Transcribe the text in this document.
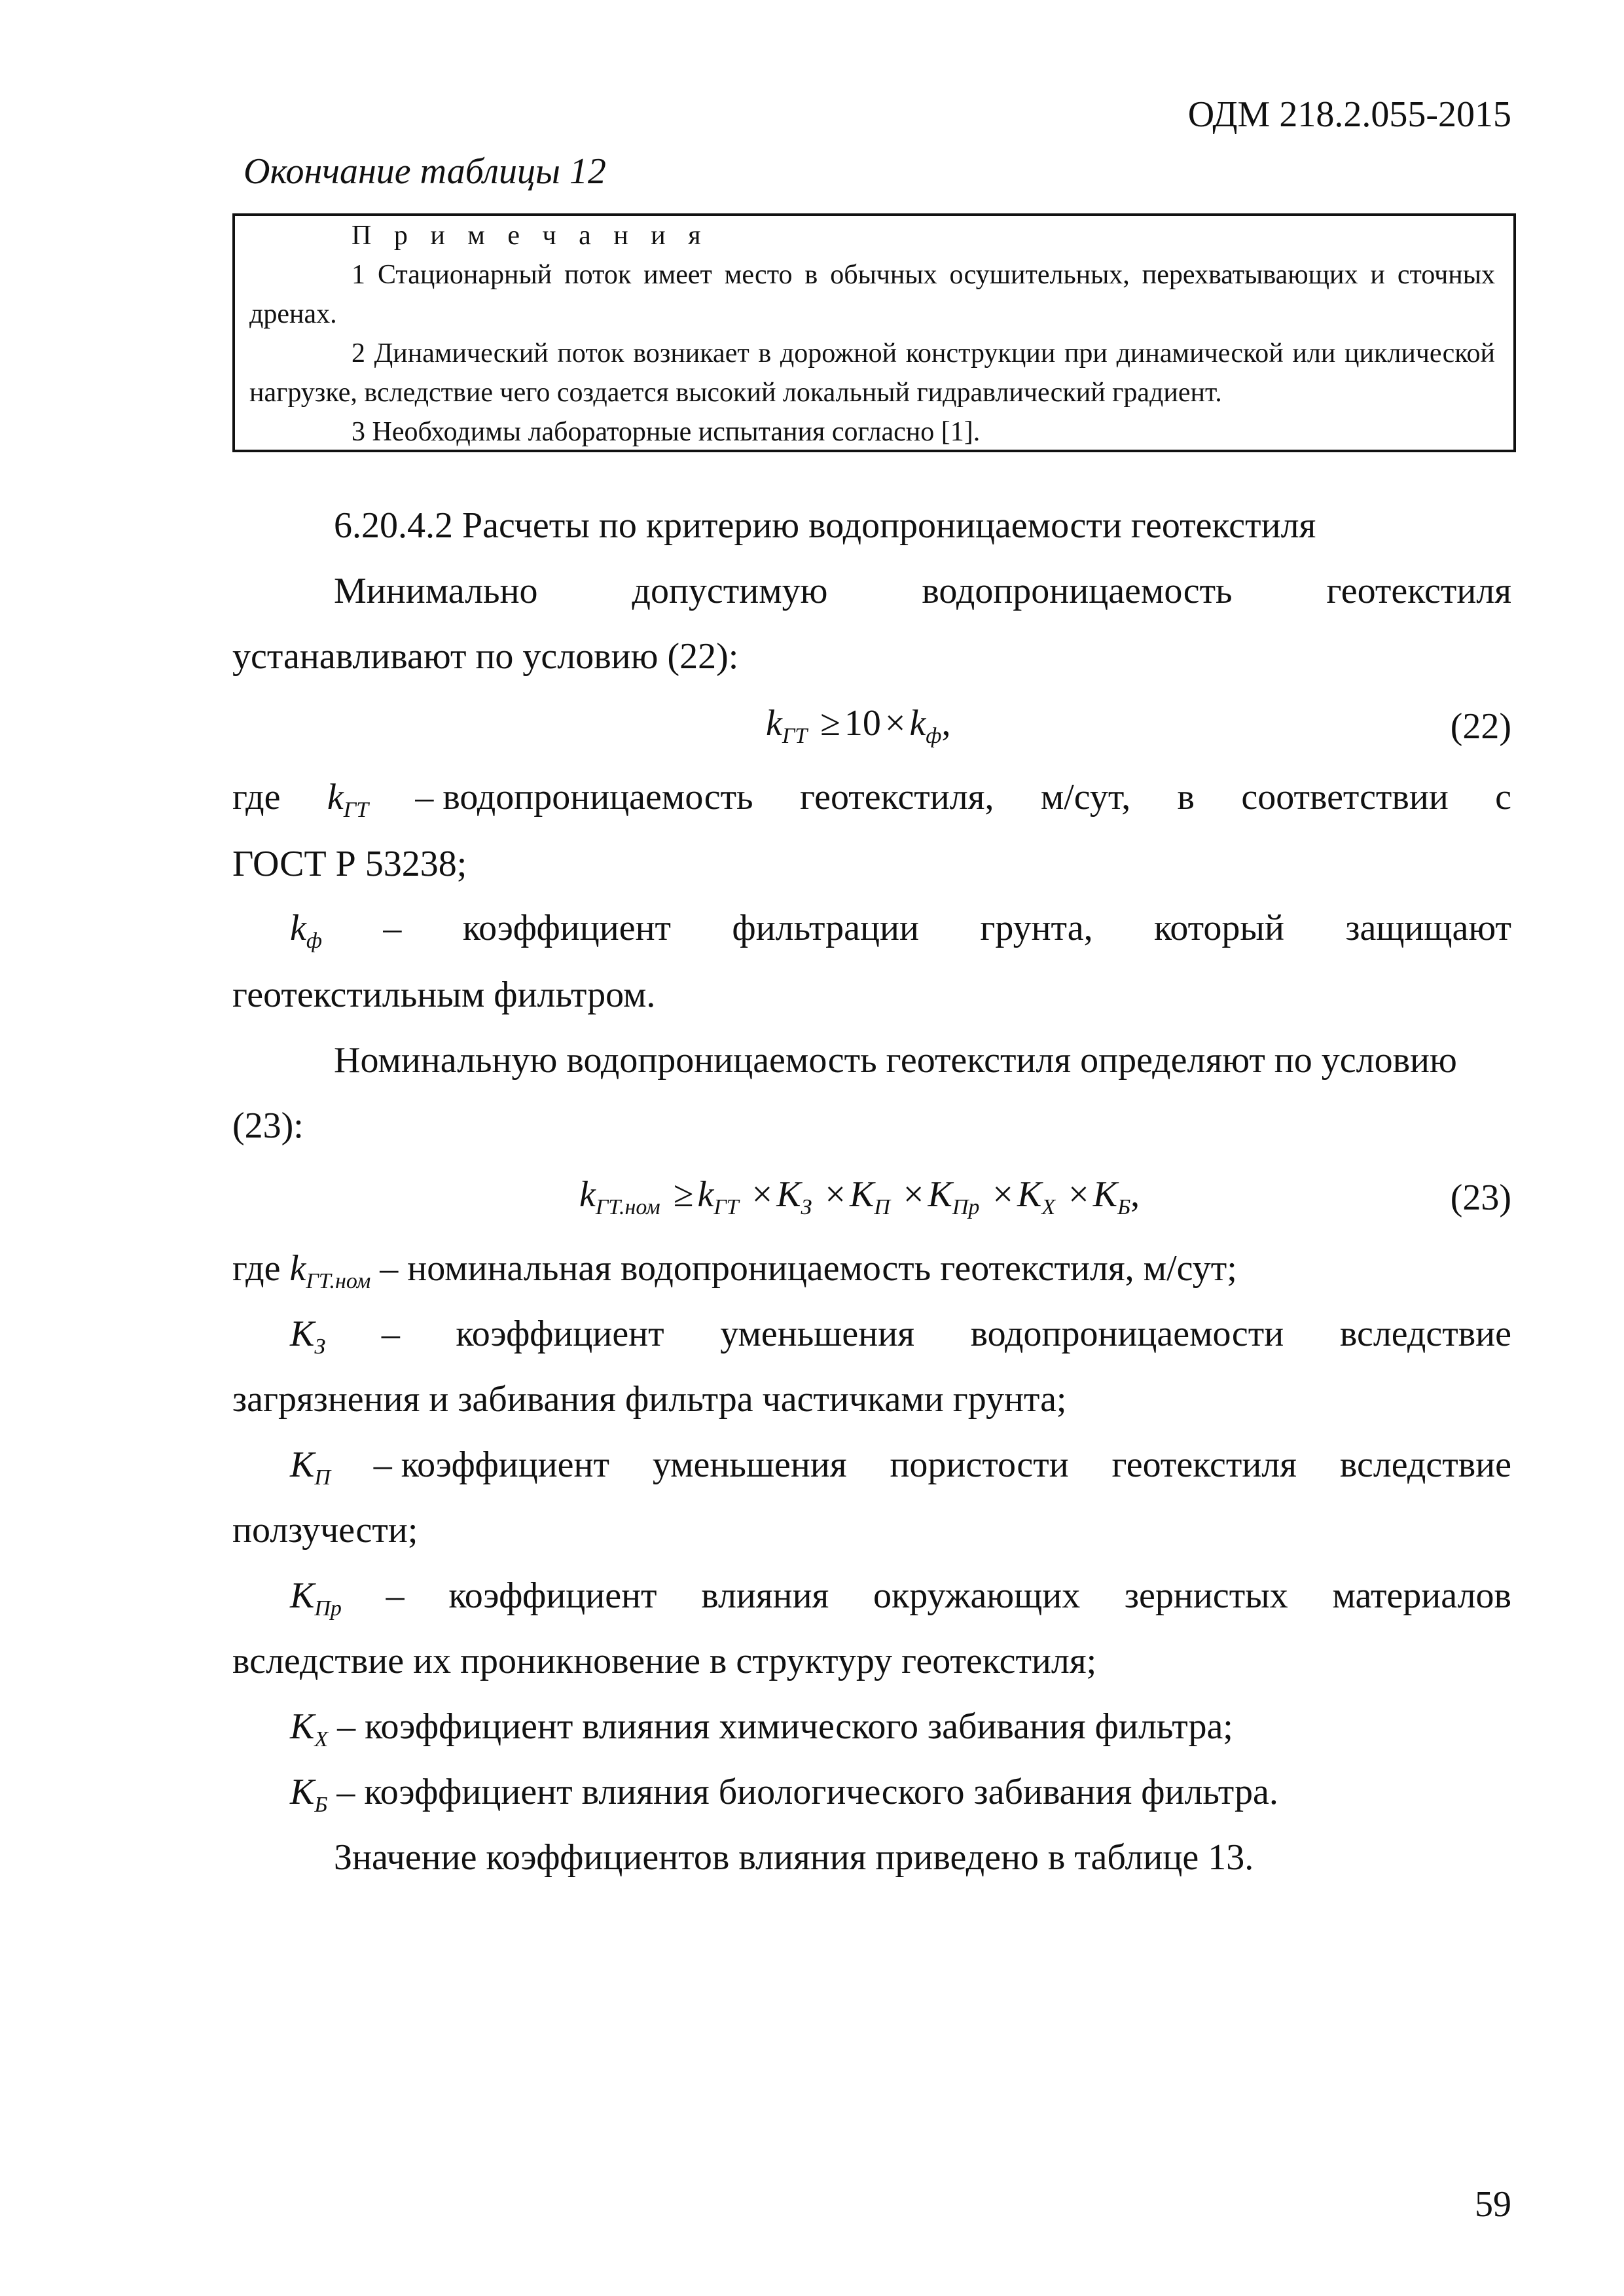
ОДМ 218.2.055-2015
Окончание таблицы 12

П р и м е ч а н и я

1 Стационарный поток имеет место в обычных осушительных, перехватывающих и сточных дренах.

2 Динамический поток возникает в дорожной конструкции при динамической или циклической нагрузке, вследствие чего создается высокий локальный гидравлический градиент.

3 Необходимы лабораторные испытания согласно [1].

6.20.4.2 Расчеты по критерию водопроницаемости геотекстиля
Минимально	допустимую	водопроницаемость	геотекстиля
устанавливают по условию (22):
$k_{ГТ} \ge 10 \times k_ф$,	(22)
где $k_{ГТ}$ – водопроницаемость геотекстиля, м/сут, в соответствии с
ГОСТ Р 53238;
$k_ф$ – коэффициент фильтрации грунта, который защищают
геотекстильным фильтром.
Номинальную водопроницаемость геотекстиля определяют по условию
(23):
$k_{ГТ.ном} \ge k_{ГТ} \times K_З \times K_П \times K_{Пр} \times K_Х \times K_Б$,	(23)
где $k_{ГТ.ном}$ – номинальная водопроницаемость геотекстиля, м/сут;
$K_З$ – коэффициент уменьшения водопроницаемости вследствие
загрязнения и забивания фильтра частичками грунта;
$K_П$ – коэффициент уменьшения пористости геотекстиля вследствие
ползучести;
$K_{Пр}$ – коэффициент влияния окружающих зернистых материалов
вследствие их проникновение в структуру геотекстиля;
$K_Х$ – коэффициент влияния химического забивания фильтра;
$K_Б$ – коэффициент влияния биологического забивания фильтра.
Значение коэффициентов влияния приведено в таблице 13.
59
